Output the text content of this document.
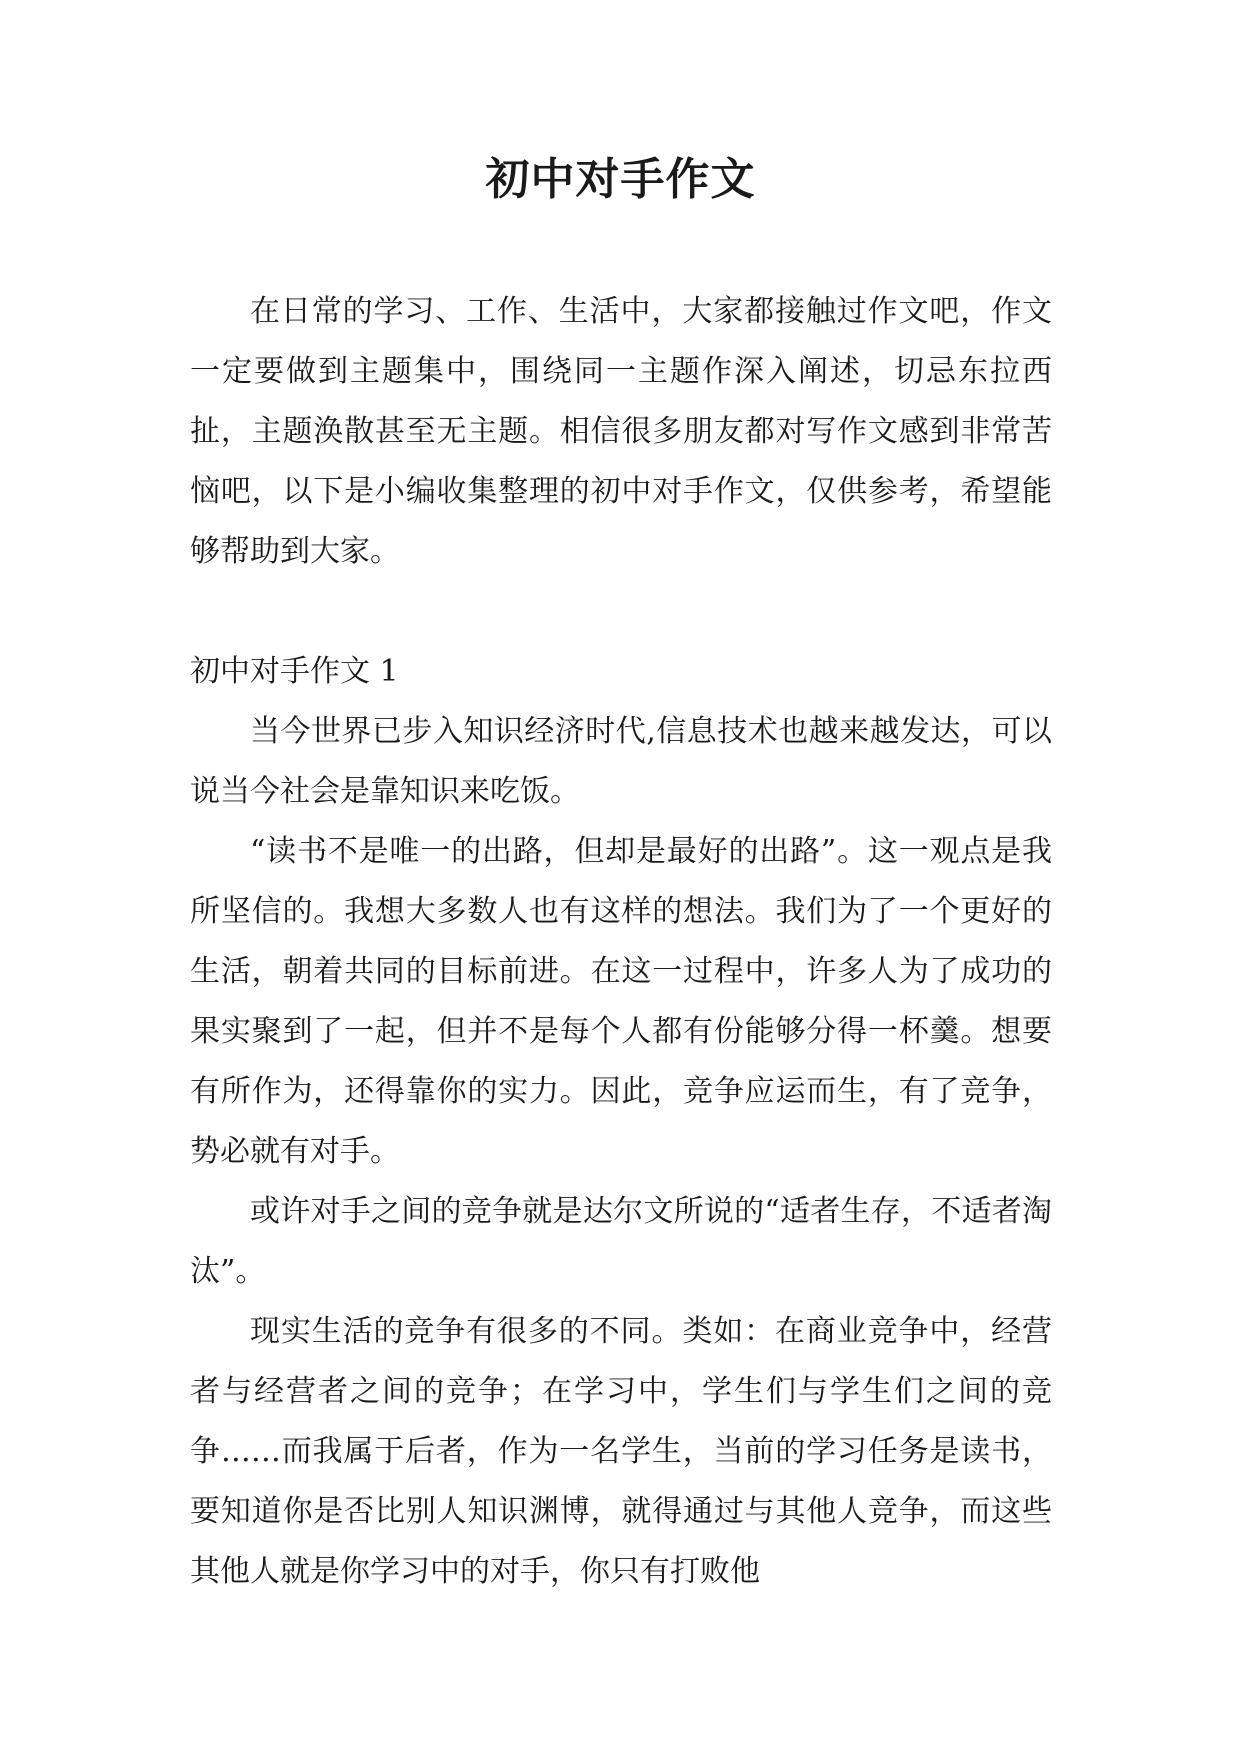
初中对手作文

在日常的学习、工作、生活中，大家都接触过作文吧，作文一定要做到主题集中，围绕同一主题作深入阐述，切忌东拉西扯，主题涣散甚至无主题。相信很多朋友都对写作文感到非常苦恼吧，以下是小编收集整理的初中对手作文，仅供参考，希望能够帮助到大家。

初中对手作文 1

当今世界已步入知识经济时代,信息技术也越来越发达，可以说当今社会是靠知识来吃饭。

“读书不是唯一的出路，但却是最好的出路”。这一观点是我所坚信的。我想大多数人也有这样的想法。我们为了一个更好的生活，朝着共同的目标前进。在这一过程中，许多人为了成功的果实聚到了一起，但并不是每个人都有份能够分得一杯羹。想要有所作为，还得靠你的实力。因此，竞争应运而生，有了竞争，势必就有对手。

或许对手之间的竞争就是达尔文所说的“适者生存，不适者淘汰”。

现实生活的竞争有很多的不同。类如：在商业竞争中，经营者与经营者之间的竞争；在学习中，学生们与学生们之间的竞争……而我属于后者，作为一名学生，当前的学习任务是读书，要知道你是否比别人知识渊博，就得通过与其他人竞争，而这些其他人就是你学习中的对手，你只有打败他
